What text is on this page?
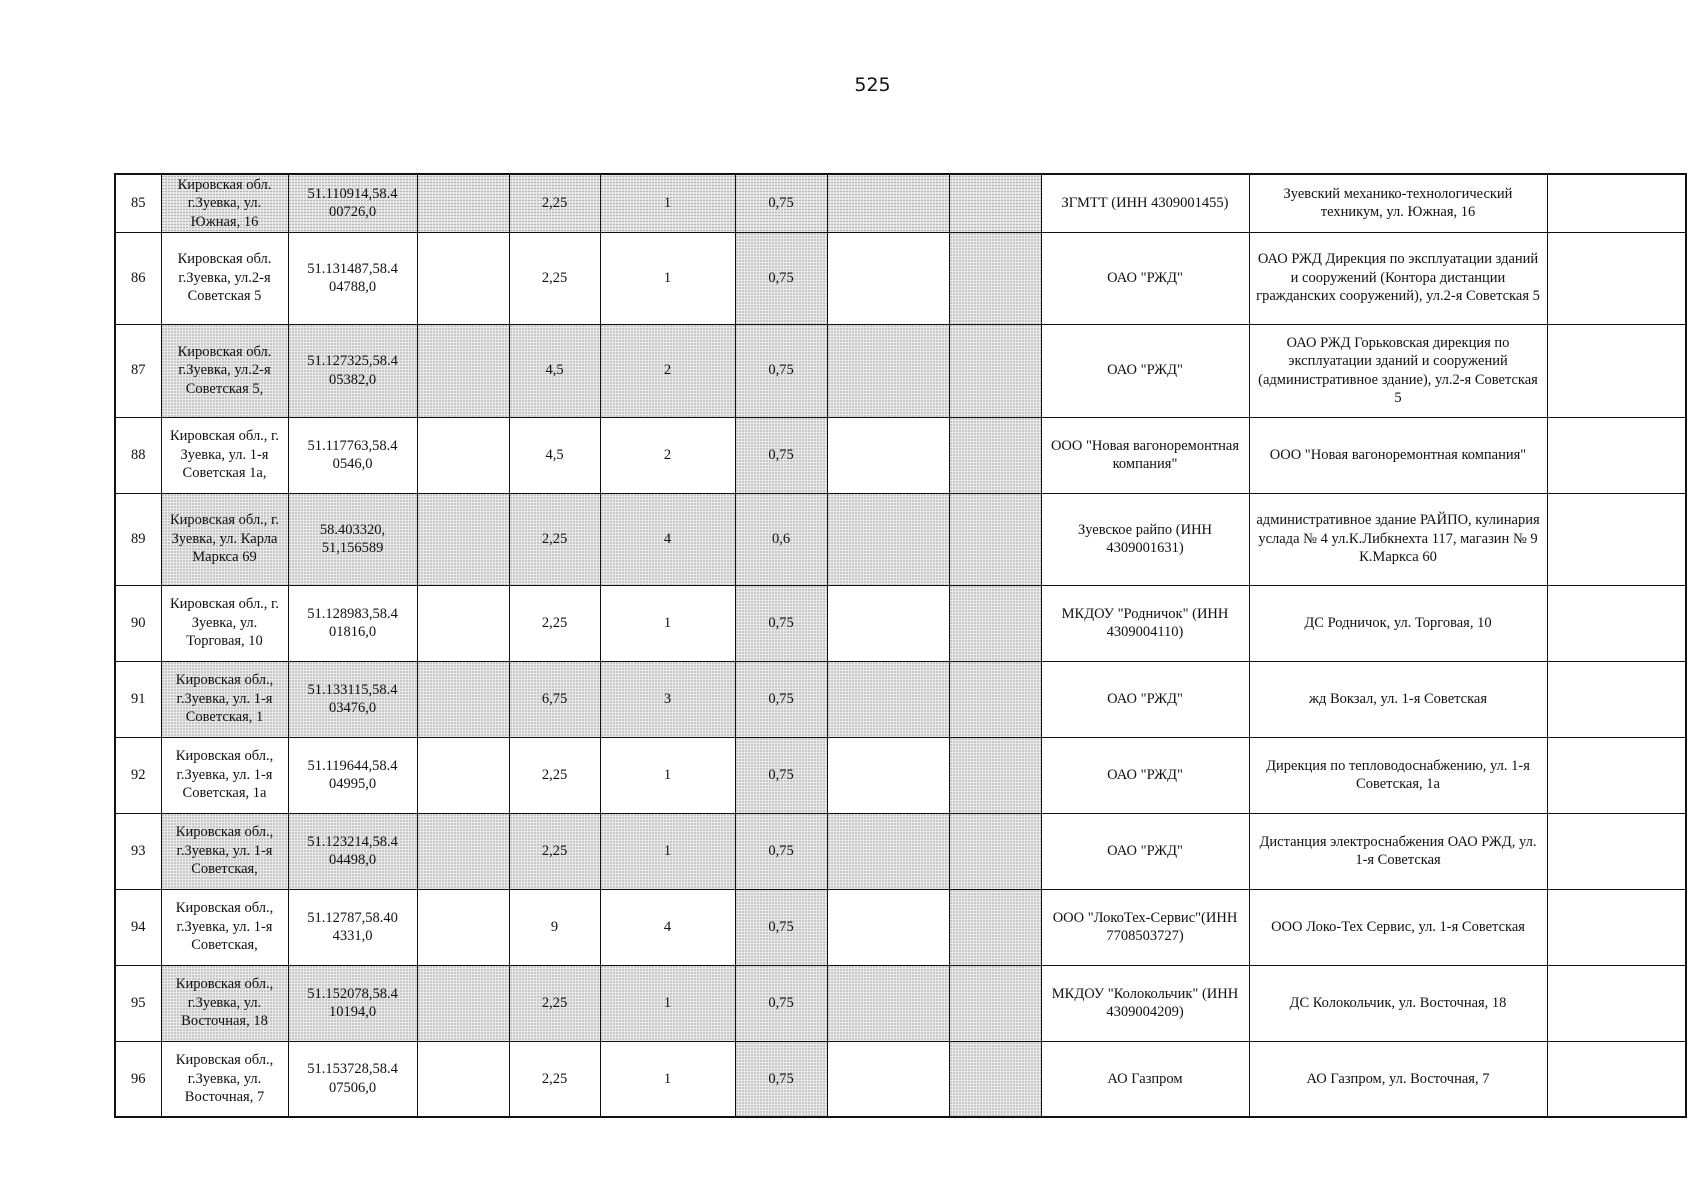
525
85	Кировская обл. г.Зуевка, ул. Южная, 16	51.110914,58.4 00726,0		2,25	1	0,75			ЗГМТТ (ИНН 4309001455)	Зуевский механико-технологический техникум, ул. Южная, 16	
86	Кировская обл. г.Зуевка, ул.2-я Советская 5	51.131487,58.4 04788,0		2,25	1	0,75			ОАО "РЖД"	ОАО РЖД Дирекция по эксплуатации зданий и сооружений (Контора дистанции гражданских сооружений), ул.2-я Советская 5	
87	Кировская обл. г.Зуевка, ул.2-я Советская 5,	51.127325,58.4 05382,0		4,5	2	0,75			ОАО "РЖД"	ОАО РЖД Горьковская дирекция по эксплуатации зданий и сооружений (административное здание), ул.2-я Советская 5	
88	Кировская обл., г. Зуевка, ул. 1-я Советская 1а,	51.117763,58.4 0546,0		4,5	2	0,75			ООО "Новая вагоноремонтная компания"	ООО "Новая вагоноремонтная компания"	
89	Кировская обл., г. Зуевка, ул. Карла Маркса 69	58.403320, 51,156589		2,25	4	0,6			Зуевское райпо (ИНН 4309001631)	административное здание РАЙПО, кулинария услада № 4 ул.К.Либкнехта 117, магазин № 9 К.Маркса 60	
90	Кировская обл., г. Зуевка, ул. Торговая, 10	51.128983,58.4 01816,0		2,25	1	0,75			МКДОУ "Родничок" (ИНН 4309004110)	ДС Родничок, ул. Торговая, 10	
91	Кировская обл., г.Зуевка, ул. 1-я Советская, 1	51.133115,58.4 03476,0		6,75	3	0,75			ОАО "РЖД"	жд Вокзал, ул. 1-я Советская	
92	Кировская обл., г.Зуевка, ул. 1-я Советская, 1а	51.119644,58.4 04995,0		2,25	1	0,75			ОАО "РЖД"	Дирекция по тепловодоснабжению, ул. 1-я Советская, 1а	
93	Кировская обл., г.Зуевка, ул. 1-я Советская,	51.123214,58.4 04498,0		2,25	1	0,75			ОАО "РЖД"	Дистанция электроснабжения ОАО РЖД, ул. 1-я Советская	
94	Кировская обл., г.Зуевка, ул. 1-я Советская,	51.12787,58.40 4331,0		9	4	0,75			ООО "ЛокоТех-Сервис"(ИНН 7708503727)	ООО Локо-Тех Сервис, ул. 1-я Советская	
95	Кировская обл., г.Зуевка, ул. Восточная, 18	51.152078,58.4 10194,0		2,25	1	0,75			МКДОУ "Колокольчик" (ИНН 4309004209)	ДС Колокольчик, ул. Восточная, 18	
96	Кировская обл., г.Зуевка, ул. Восточная, 7	51.153728,58.4 07506,0		2,25	1	0,75			АО Газпром	АО Газпром, ул. Восточная, 7	
